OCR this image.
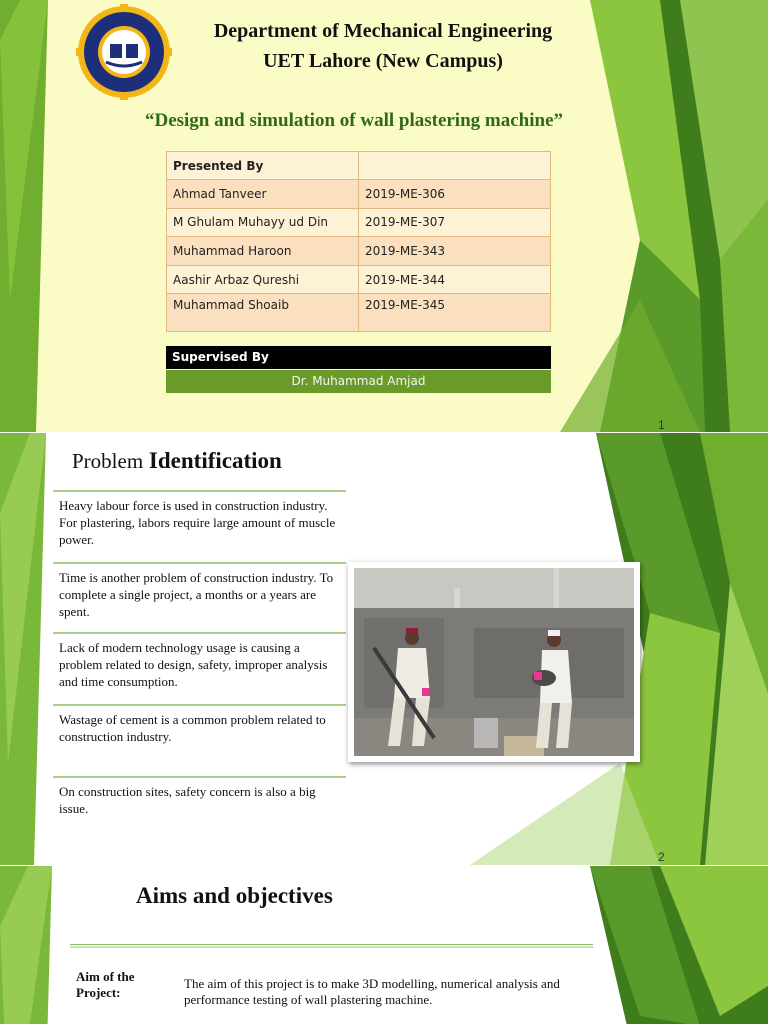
Department of Mechanical Engineering
UET Lahore (New Campus)
“Design and simulation of wall plastering machine”
Presented By	
Ahmad Tanveer	2019-ME-306
M Ghulam Muhayy ud Din	2019-ME-307
Muhammad Haroon	2019-ME-343
Aashir Arbaz Qureshi	2019-ME-344
Muhammad Shoaib	2019-ME-345
Supervised By
Dr. Muhammad Amjad
1
Problem Identification
Heavy labour force is used in construction industry. For plastering, labors require large amount of muscle power.
Time is another problem of construction industry. To complete a single project, a months or a years are spent.
Lack of modern technology usage is causing a problem related to design, safety, improper analysis and time consumption.
Wastage of cement is a common problem related to construction industry.
On construction sites, safety concern is also a big issue.
2
Aims and objectives
Aim of the Project:
The aim of this project is to make 3D modelling, numerical analysis and performance testing of wall plastering machine.
